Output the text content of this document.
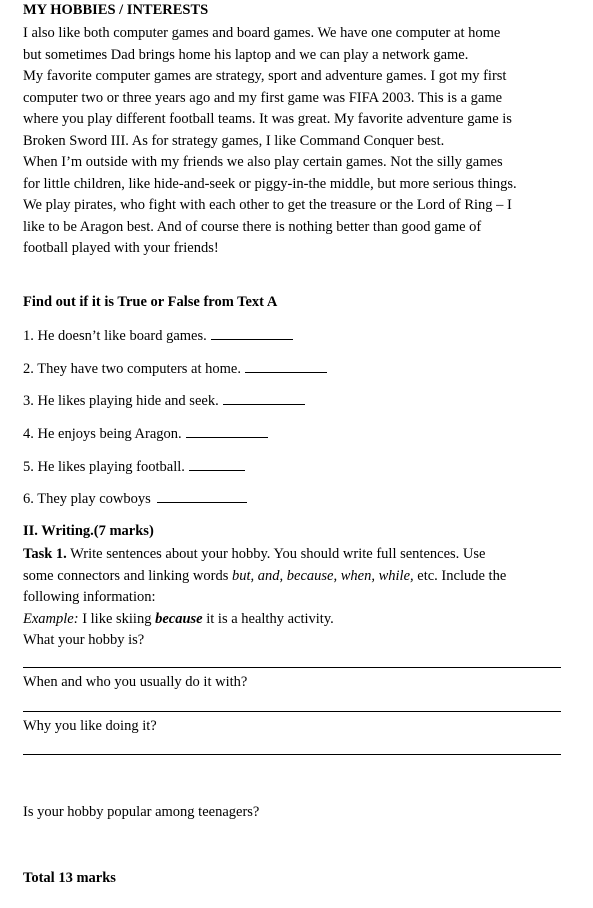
MY HOBBIES / INTERESTS
I also like both computer games and board games. We have one computer at home
but sometimes Dad brings home his laptop and we can play a network game.
My favorite computer games are strategy, sport and adventure games. I got my first
computer two or three years ago and my first game was FIFA 2003. This is a game
where you play different football teams. It was great. My favorite adventure game is
Broken Sword III. As for strategy games, I like Command Conquer best.
When I’m outside with my friends we also play certain games. Not the silly games
for little children, like hide-and-seek or piggy-in-the middle, but more serious things.
We play pirates, who fight with each other to get the treasure or the Lord of Ring – I
like to be Aragon best. And of course there is nothing better than good game of
football played with your friends!
Find out if it is True or False from Text A
1. He doesn’t like board games.
2. They have two computers at home.
3. He likes playing hide and seek.
4. He enjoys being Aragon.
5. He likes playing football.
6. They play cowboys
II. Writing.(7 marks)
Task 1. Write sentences about your hobby. You should write full sentences. Use
some connectors and linking words but, and, because, when, while, etc. Include the
following information:
Example: I like skiing because it is a healthy activity.
What your hobby is?
When and who you usually do it with?
Why you like doing it?
Is your hobby popular among teenagers?
Total 13 marks
